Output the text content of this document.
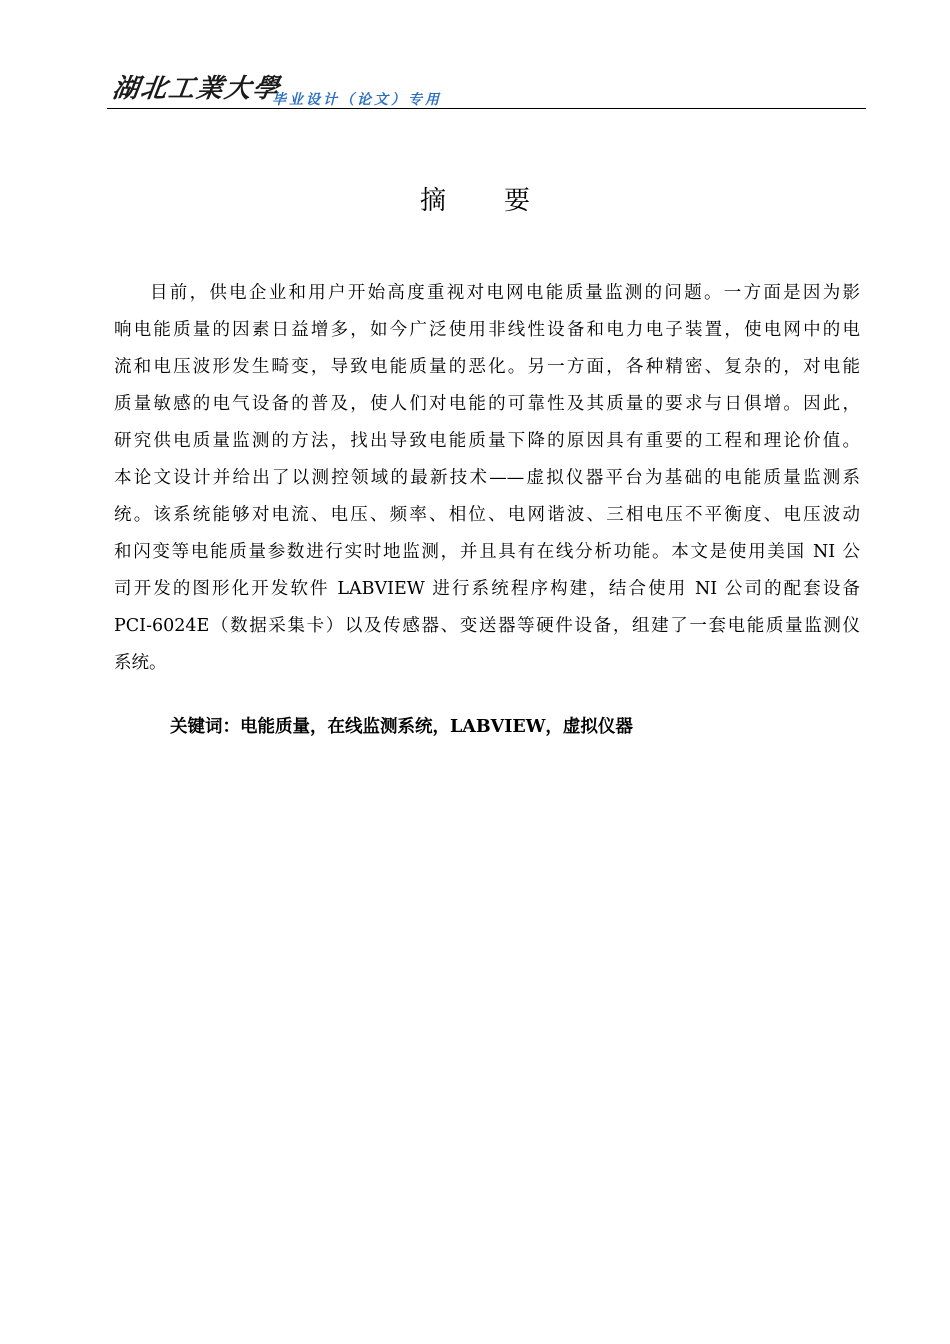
湖北工業大學
毕业设计（论文）专用
摘 要
目前，供电企业和用户开始高度重视对电网电能质量监测的问题。一方面是因为影
响电能质量的因素日益增多，如今广泛使用非线性设备和电力电子装置，使电网中的电
流和电压波形发生畸变，导致电能质量的恶化。另一方面，各种精密、复杂的，对电能
质量敏感的电气设备的普及，使人们对电能的可靠性及其质量的要求与日俱增。因此，
研究供电质量监测的方法，找出导致电能质量下降的原因具有重要的工程和理论价值。
本论文设计并给出了以测控领域的最新技术——虚拟仪器平台为基础的电能质量监测系
统。该系统能够对电流、电压、频率、相位、电网谐波、三相电压不平衡度、电压波动
和闪变等电能质量参数进行实时地监测，并且具有在线分析功能。本文是使用美国 NI 公
司开发的图形化开发软件 LABVIEW 进行系统程序构建，结合使用 NI 公司的配套设备
PCI-6024E（数据采集卡）以及传感器、变送器等硬件设备，组建了一套电能质量监测仪
系统。
关键词：电能质量，在线监测系统，LABVIEW，虚拟仪器
